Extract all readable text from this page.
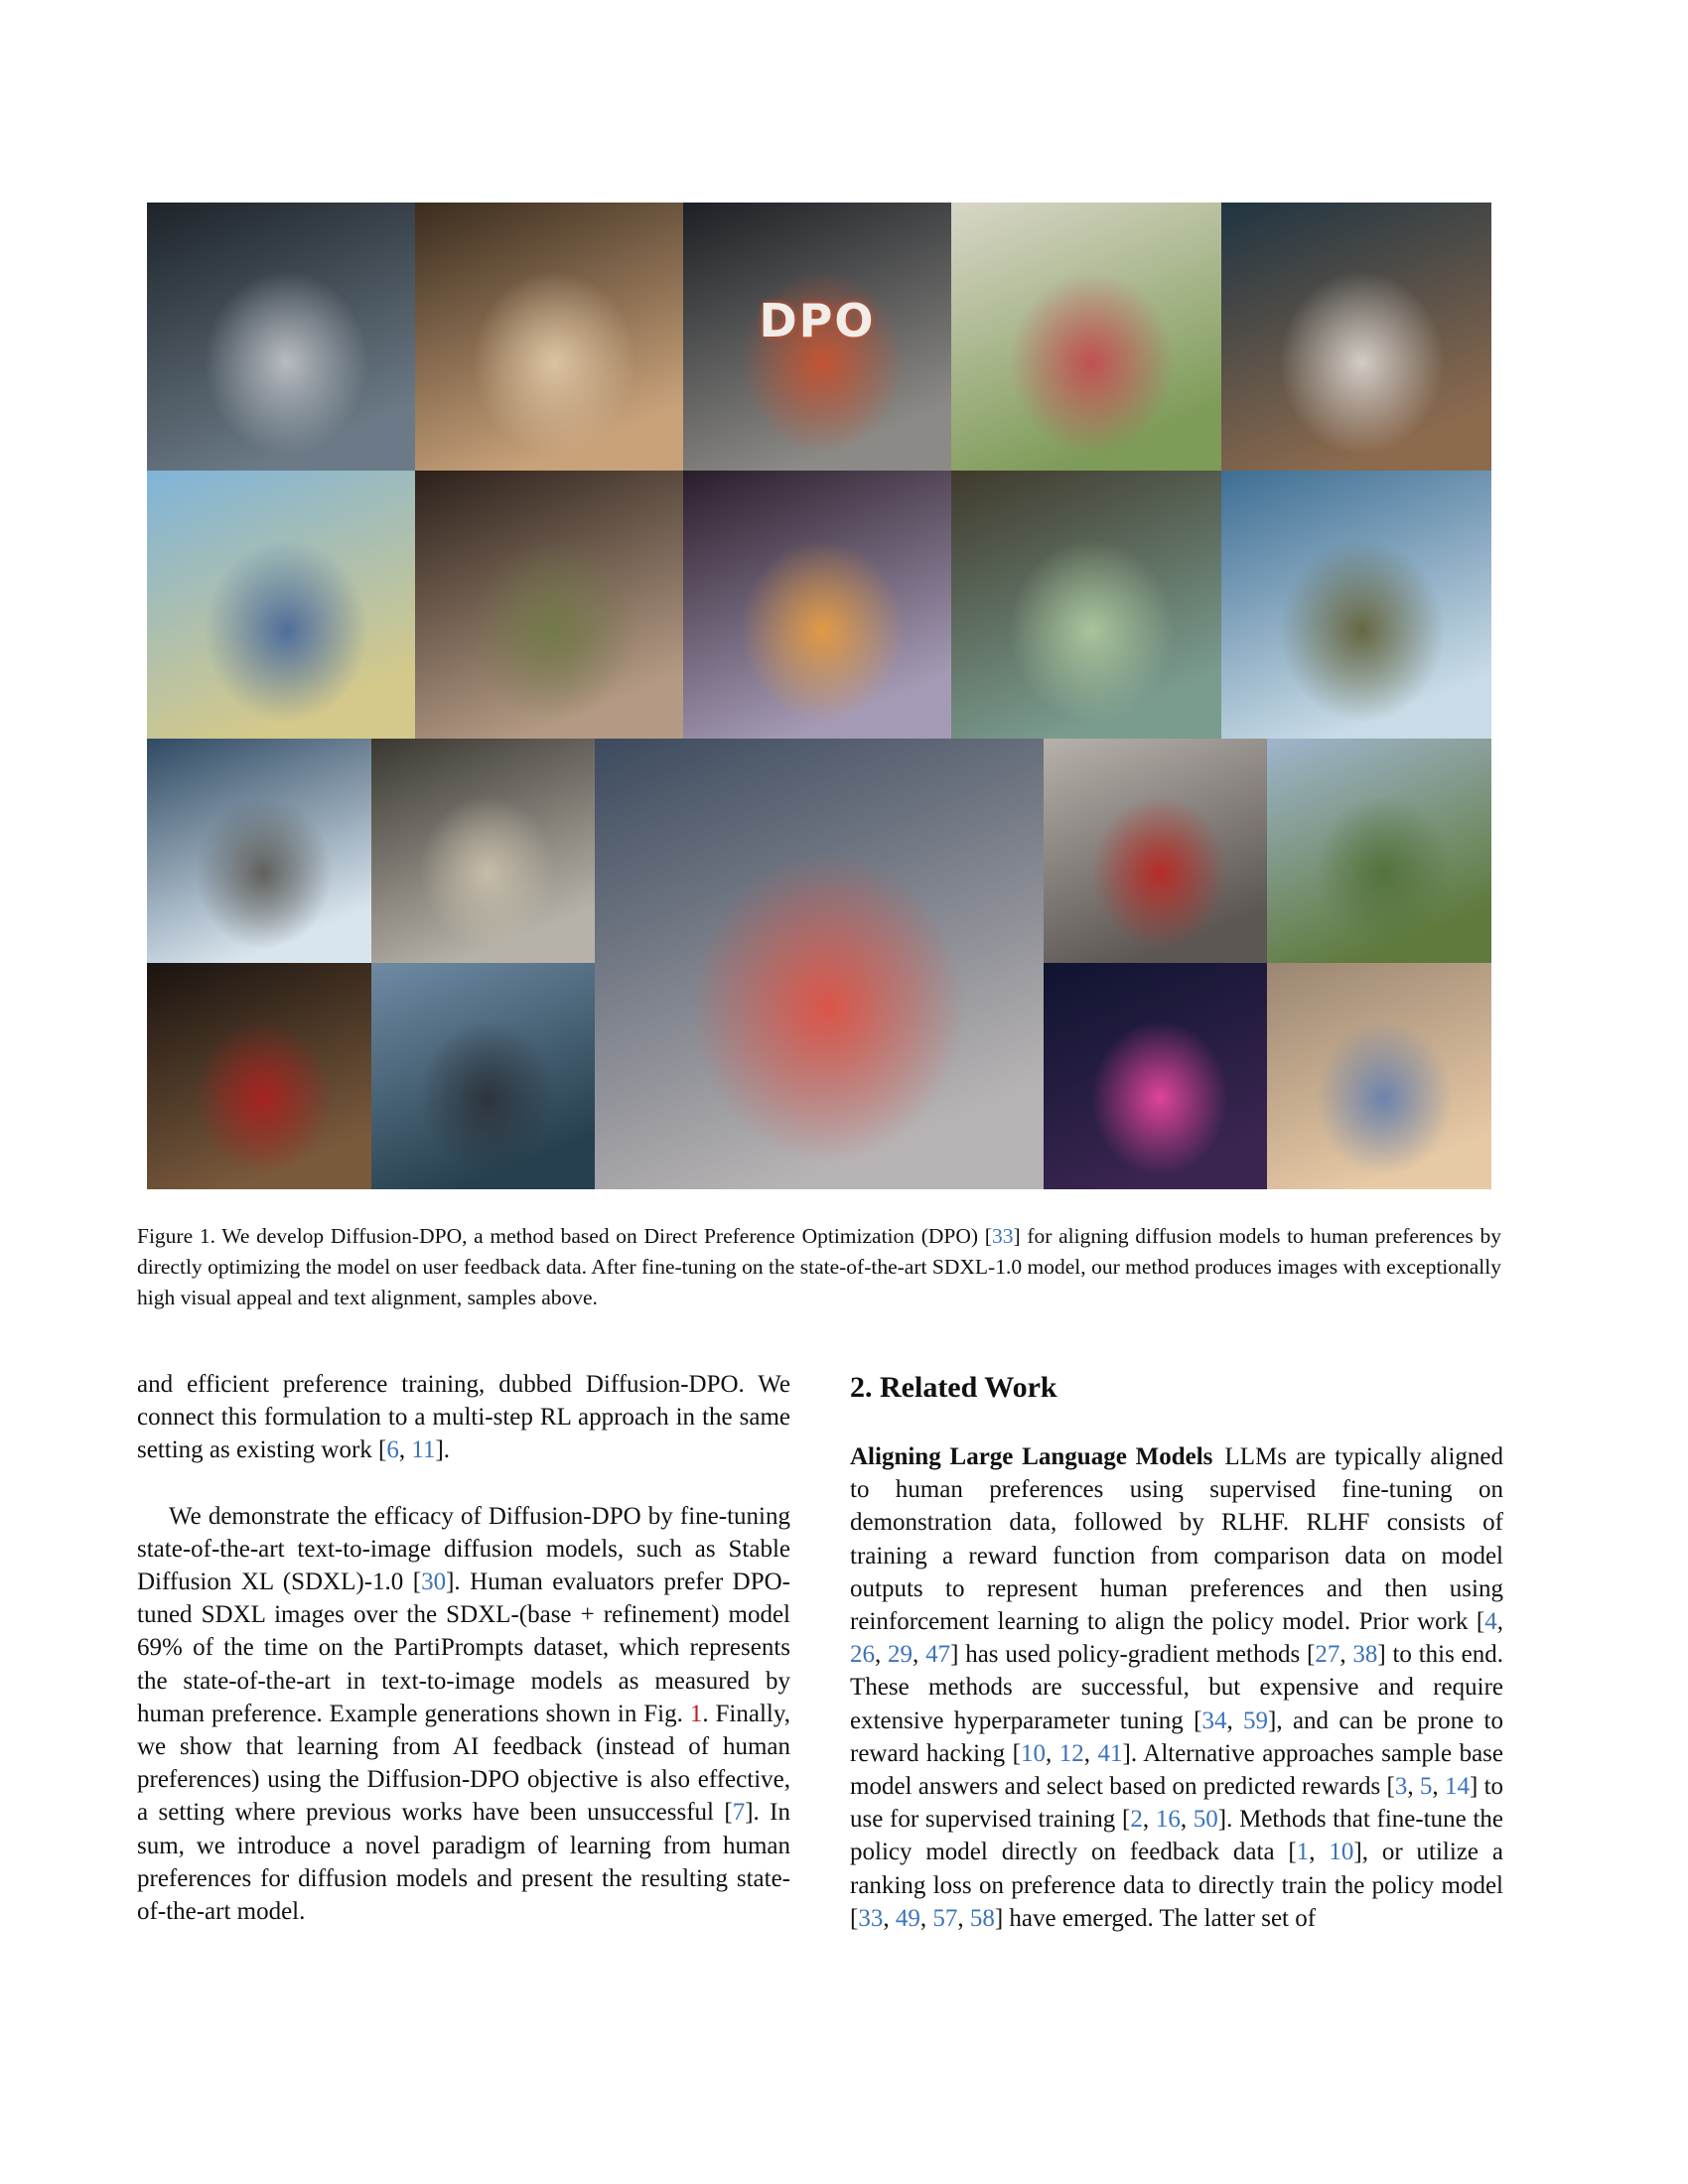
DPO
Figure 1. We develop Diffusion-DPO, a method based on Direct Preference Optimization (DPO) [33] for aligning diffusion models to human preferences by directly optimizing the model on user feedback data. After fine-tuning on the state-of-the-art SDXL-1.0 model, our method produces images with exceptionally high visual appeal and text alignment, samples above.

and efficient preference training, dubbed Diffusion-DPO. We connect this formulation to a multi-step RL approach in the same setting as existing work [6, 11].

We demonstrate the efficacy of Diffusion-DPO by fine-tuning state-of-the-art text-to-image diffusion models, such as Stable Diffusion XL (SDXL)-1.0 [30]. Human evaluators prefer DPO-tuned SDXL images over the SDXL-(base + refinement) model 69% of the time on the PartiPrompts dataset, which represents the state-of-the-art in text-to-image models as measured by human preference. Example generations shown in Fig. 1. Finally, we show that learning from AI feedback (instead of human preferences) using the Diffusion-DPO objective is also effective, a setting where previous works have been unsuccessful [7]. In sum, we introduce a novel paradigm of learning from human preferences for diffusion models and present the resulting state-of-the-art model.

2. Related Work

Aligning Large Language Models LLMs are typically aligned to human preferences using supervised fine-tuning on demonstration data, followed by RLHF. RLHF consists of training a reward function from comparison data on model outputs to represent human preferences and then using reinforcement learning to align the policy model. Prior work [4, 26, 29, 47] has used policy-gradient methods [27, 38] to this end. These methods are successful, but expensive and require extensive hyperparameter tuning [34, 59], and can be prone to reward hacking [10, 12, 41]. Alternative approaches sample base model answers and select based on predicted rewards [3, 5, 14] to use for supervised training [2, 16, 50]. Methods that fine-tune the policy model directly on feedback data [1, 10], or utilize a ranking loss on preference data to directly train the policy model [33, 49, 57, 58] have emerged. The latter set of
